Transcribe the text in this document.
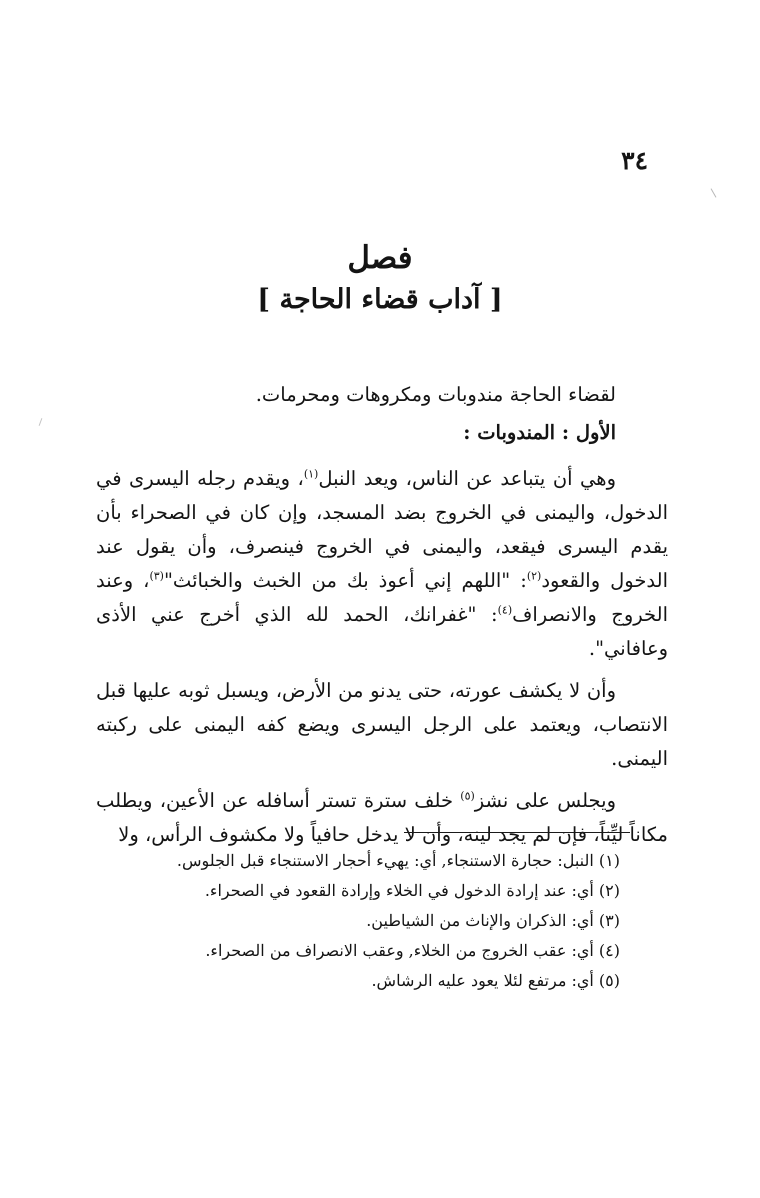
٣٤
فصل
[ آداب قضاء الحاجة ]

لقضاء الحاجة مندوبات ومكروهات ومحرمات.

الأول : المندوبات :

وهي أن يتباعد عن الناس، ويعد النبل$^{(١)}$، ويقدم رجله اليسرى في الدخول، واليمنى في الخروج بضد المسجد، وإن كان في الصحراء بأن يقدم اليسرى فيقعد، واليمنى في الخروج فينصرف، وأن يقول عند الدخول والقعود$^{(٢)}$: "اللهم إني أعوذ بك من الخبث والخبائث"$^{(٣)}$، وعند الخروج والانصراف$^{(٤)}$: "غفرانك، الحمد لله الذي أخرج عني الأذى وعافاني".

وأن لا يكشف عورته، حتى يدنو من الأرض، ويسبل ثوبه عليها قبل الانتصاب، ويعتمد على الرجل اليسرى ويضع كفه اليمنى على ركبته اليمنى.

ويجلس على نشز$^{(٥)}$ خلف سترة تستر أسافله عن الأعين، ويطلب مكاناً ليِّناً، فإن لم يجد لينه، وأن لا يدخل حافياً ولا مكشوف الرأس، ولا

(١) النبل: حجارة الاستنجاء, أي: يهيء أحجار الاستنجاء قبل الجلوس.
(٢) أي: عند إرادة الدخول في الخلاء وإرادة القعود في الصحراء.
(٣) أي: الذكران والإناث من الشياطين.
(٤) أي: عقب الخروج من الخلاء, وعقب الانصراف من الصحراء.
(٥) أي: مرتفع لئلا يعود عليه الرشاش.
